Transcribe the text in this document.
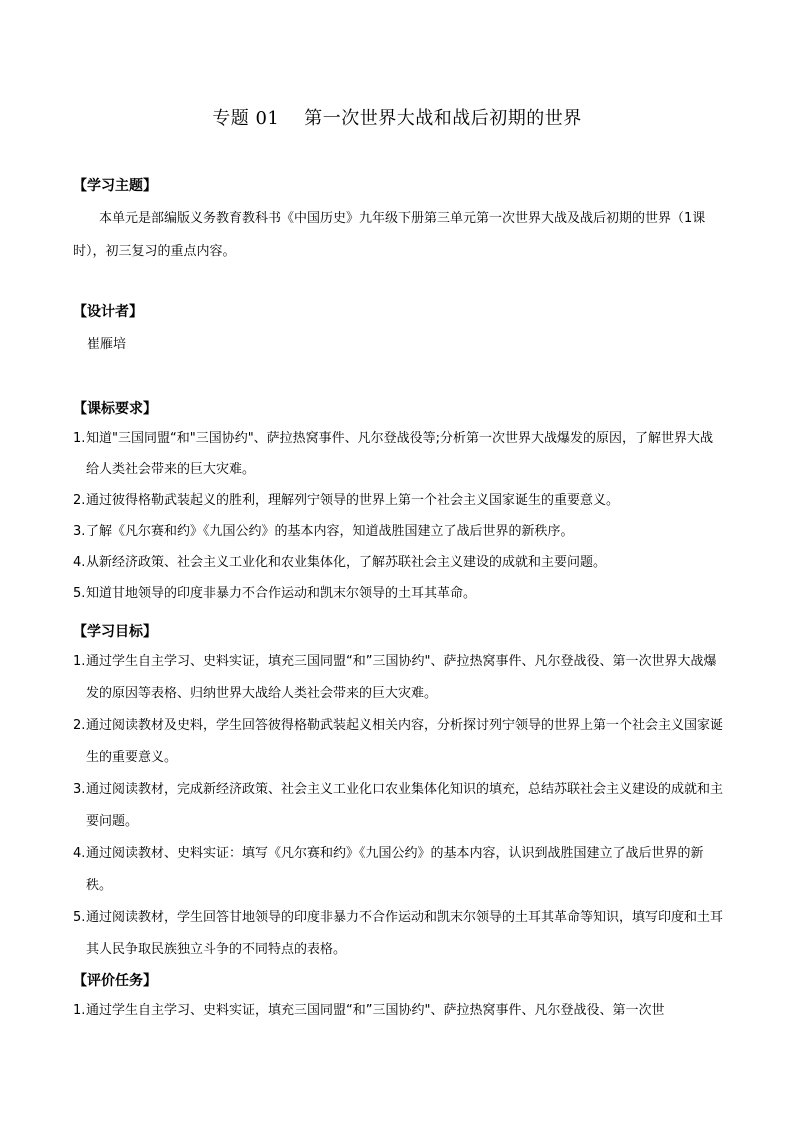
专题 01    第一次世界大战和战后初期的世界
【学习主题】

本单元是部编版义务教育教科书《中国历史》九年级下册第三单元第一次世界大战及战后初期的世界（1课时），初三复习的重点内容。

【设计者】
崔雁培
【课标要求】
1. 知道"三国同盟“和"三国协约"、萨拉热窝事件、凡尔登战役等;分析第一次世界大战爆发的原因，了解世界大战给人类社会带来的巨大灾难。
2. 通过彼得格勒武装起义的胜利，理解列宁领导的世界上第一个社会主义国家诞生的重要意义。
3. 了解《凡尔赛和约》《九国公约》的基本内容，知道战胜国建立了战后世界的新秩序。
4. 从新经济政策、社会主义工业化和农业集体化，了解苏联社会主义建设的成就和主要问题。
5. 知道甘地领导的印度非暴力不合作运动和凯末尔领导的土耳其革命。
【学习目标】
1. 通过学生自主学习、史料实证，填充三国同盟“和”三国协约"、萨拉热窝事件、凡尔登战役、第一次世界大战爆发的原因等表格、归纳世界大战给人类社会带来的巨大灾难。
2. 通过阅读教材及史料，学生回答彼得格勒武装起义相关内容，分析探讨列宁领导的世界上第一个社会主义国家诞生的重要意义。
3. 通过阅读教材，完成新经济政策、社会主义工业化口农业集体化知识的填充，总结苏联社会主义建设的成就和主要问题。
4. 通过阅读教材、史料实证：填写《凡尔赛和约》《九国公约》的基本内容，认识到战胜国建立了战后世界的新秩。
5. 通过阅读教材，学生回答甘地领导的印度非暴力不合作运动和凯末尔领导的土耳其革命等知识，填写印度和土耳其人民争取民族独立斗争的不同特点的表格。
【评价任务】
1. 通过学生自主学习、史料实证，填充三国同盟“和”三国协约"、萨拉热窝事件、凡尔登战役、第一次世
